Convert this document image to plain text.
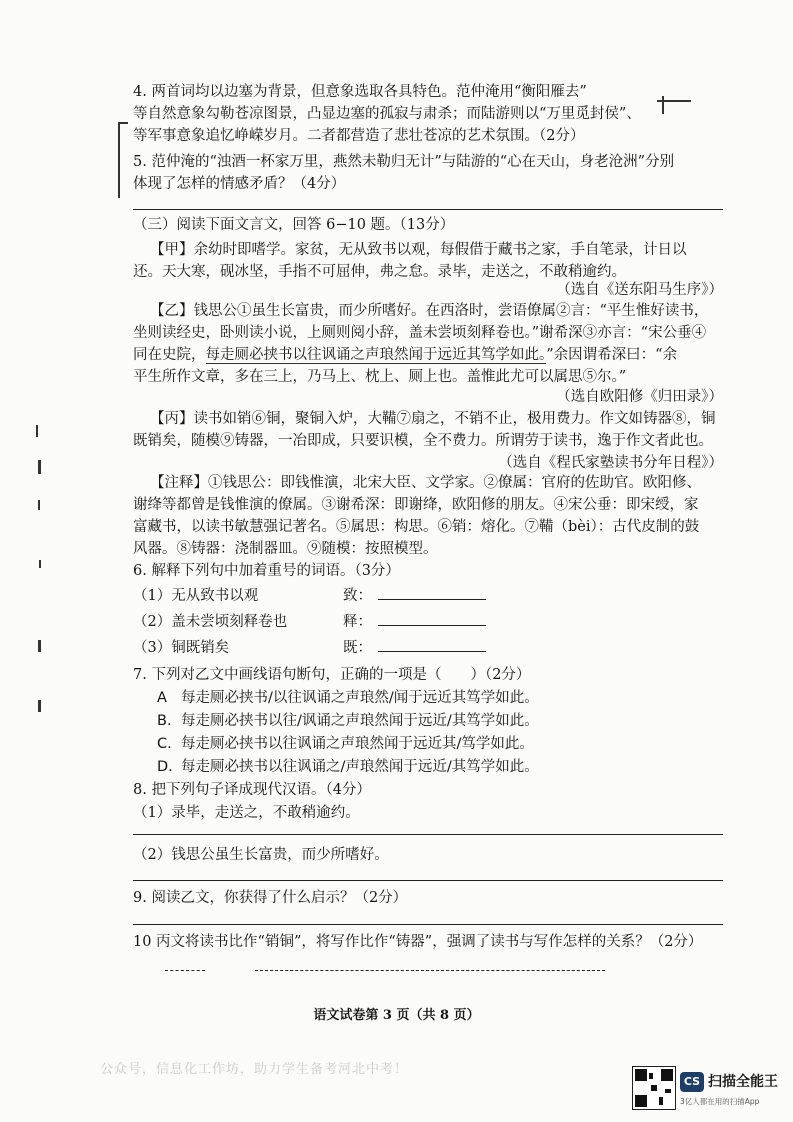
4. 两首词均以边塞为背景，但意象选取各具特色。范仲淹用“衡阳雁去”
等自然意象勾勒苍凉图景，凸显边塞的孤寂与肃杀；而陆游则以“万里觅封侯”、
等军事意象追忆峥嵘岁月。二者都营造了悲壮苍凉的艺术氛围。（2分）
5. 范仲淹的“浊酒一杯家万里，燕然未勒归无计”与陆游的“心在天山，身老沧洲”分别
体现了怎样的情感矛盾？（4分）
（三）阅读下面文言文，回答 6−10 题。（13分）
【甲】余幼时即嗜学。家贫，无从致书以观，每假借于藏书之家，手自笔录，计日以
还。天大寒，砚冰坚，手指不可屈伸，弗之怠。录毕，走送之，不敢稍逾约。
（选自《送东阳马生序》）
【乙】钱思公①虽生长富贵，而少所嗜好。在西洛时，尝语僚属②言：“平生惟好读书，
坐则读经史，卧则读小说，上厕则阅小辞，盖未尝顷刻释卷也。”谢希深③亦言：“宋公垂④
同在史院，每走厕必挟书以往讽诵之声琅然闻于远近其笃学如此。”余因谓希深曰：“余
平生所作文章，多在三上，乃马上、枕上、厕上也。盖惟此尤可以属思⑤尔。”
（选自欧阳修《归田录》）
【丙】读书如销⑥铜，聚铜入炉，大鞴⑦扇之，不销不止，极用费力。作文如铸器⑧，铜
既销矣，随模⑨铸器，一冶即成，只要识模，全不费力。所谓劳于读书，逸于作文者此也。
（选自《程氏家塾读书分年日程》）
【注释】①钱思公：即钱惟演，北宋大臣、文学家。②僚属：官府的佐助官。欧阳修、
谢绛等都曾是钱惟演的僚属。③谢希深：即谢绛，欧阳修的朋友。④宋公垂：即宋绶，家
富藏书，以读书敏慧强记著名。⑤属思：构思。⑥销：熔化。⑦鞴（bèi）：古代皮制的鼓
风器。⑧铸器：浇制器皿。⑨随模：按照模型。
6. 解释下列句中加着重号的词语。（3分）
（1）无从致书以观	致：
（2）盖未尝顷刻释卷也	释：
（3）铜既销矣	既：
7. 下列对乙文中画线语句断句，正确的一项是（　　）（2分）
A 每走厕必挟书/以往讽诵之声琅然/闻于远近其笃学如此。
B. 每走厕必挟书以往/讽诵之声琅然闻于远近/其笃学如此。
C. 每走厕必挟书以往讽诵之声琅然闻于远近其/笃学如此。
D. 每走厕必挟书以往讽诵之/声琅然闻于远近/其笃学如此。
8. 把下列句子译成现代汉语。（4分）
（1）录毕，走送之，不敢稍逾约。
（2）钱思公虽生长富贵，而少所嗜好。
9. 阅读乙文，你获得了什么启示？（2分）
10 丙文将读书比作“销铜”，将写作比作“铸器”，强调了读书与写作怎样的关系？（2分）
语文试卷第 3 页（共 8 页）
公众号，信息化工作坊，助力学生备考河北中考！
CS 扫描全能王
3亿人都在用的扫描App
